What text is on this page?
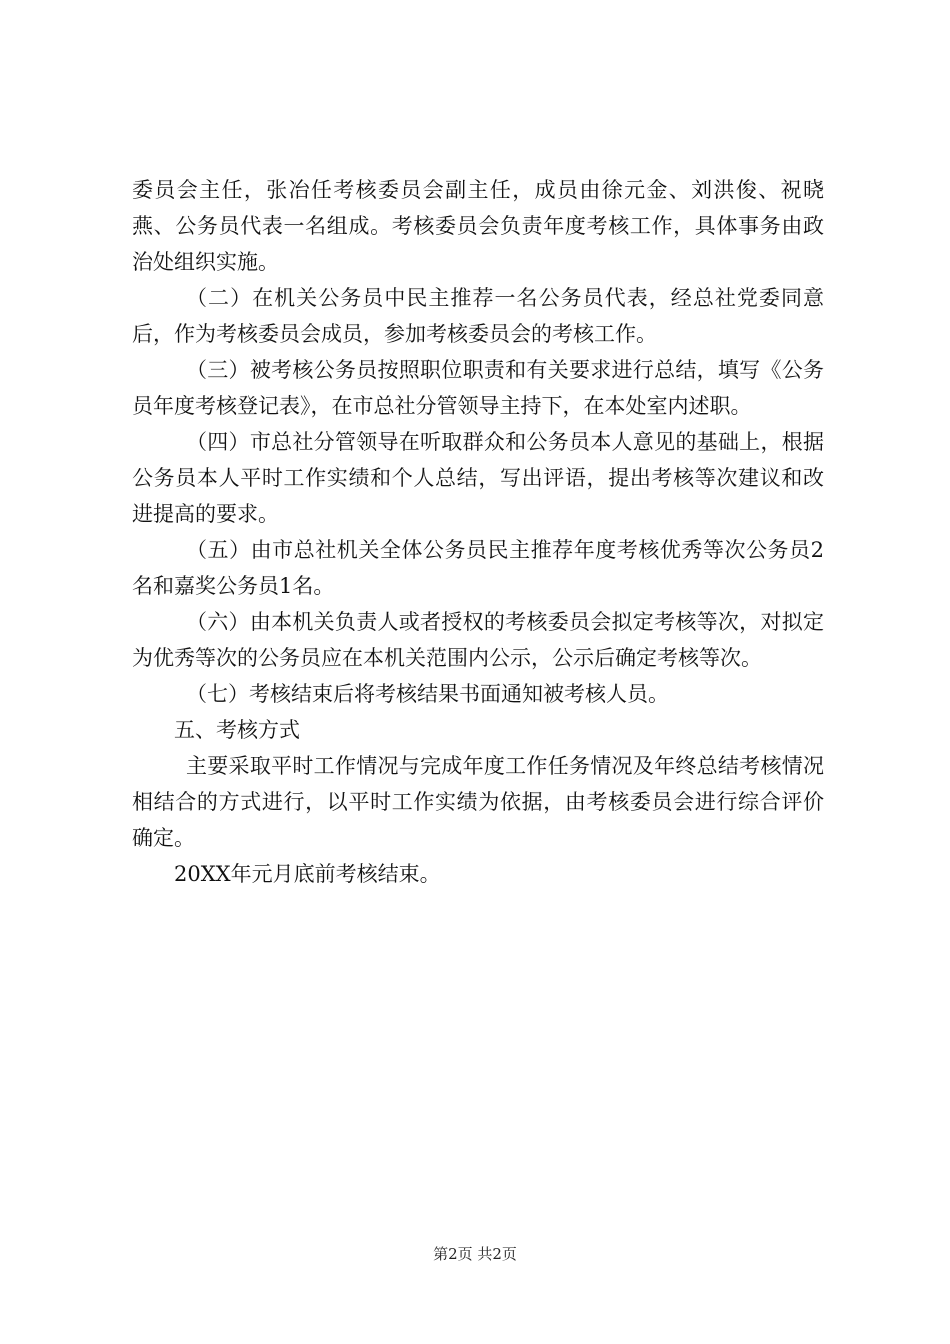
委员会主任，张冶任考核委员会副主任，成员由徐元金、刘洪俊、祝晓燕、公务员代表一名组成。考核委员会负责年度考核工作，具体事务由政治处组织实施。

（二）在机关公务员中民主推荐一名公务员代表，经总社党委同意后，作为考核委员会成员，参加考核委员会的考核工作。

（三）被考核公务员按照职位职责和有关要求进行总结，填写《公务员年度考核登记表》，在市总社分管领导主持下，在本处室内述职。

（四）市总社分管领导在听取群众和公务员本人意见的基础上，根据公务员本人平时工作实绩和个人总结，写出评语，提出考核等次建议和改进提高的要求。

（五）由市总社机关全体公务员民主推荐年度考核优秀等次公务员2名和嘉奖公务员1名。

（六）由本机关负责人或者授权的考核委员会拟定考核等次，对拟定为优秀等次的公务员应在本机关范围内公示，公示后确定考核等次。

（七）考核结束后将考核结果书面通知被考核人员。

五、考核方式

主要采取平时工作情况与完成年度工作任务情况及年终总结考核情况相结合的方式进行，以平时工作实绩为依据，由考核委员会进行综合评价确定。

20XX年元月底前考核结束。

第2页 共2页
